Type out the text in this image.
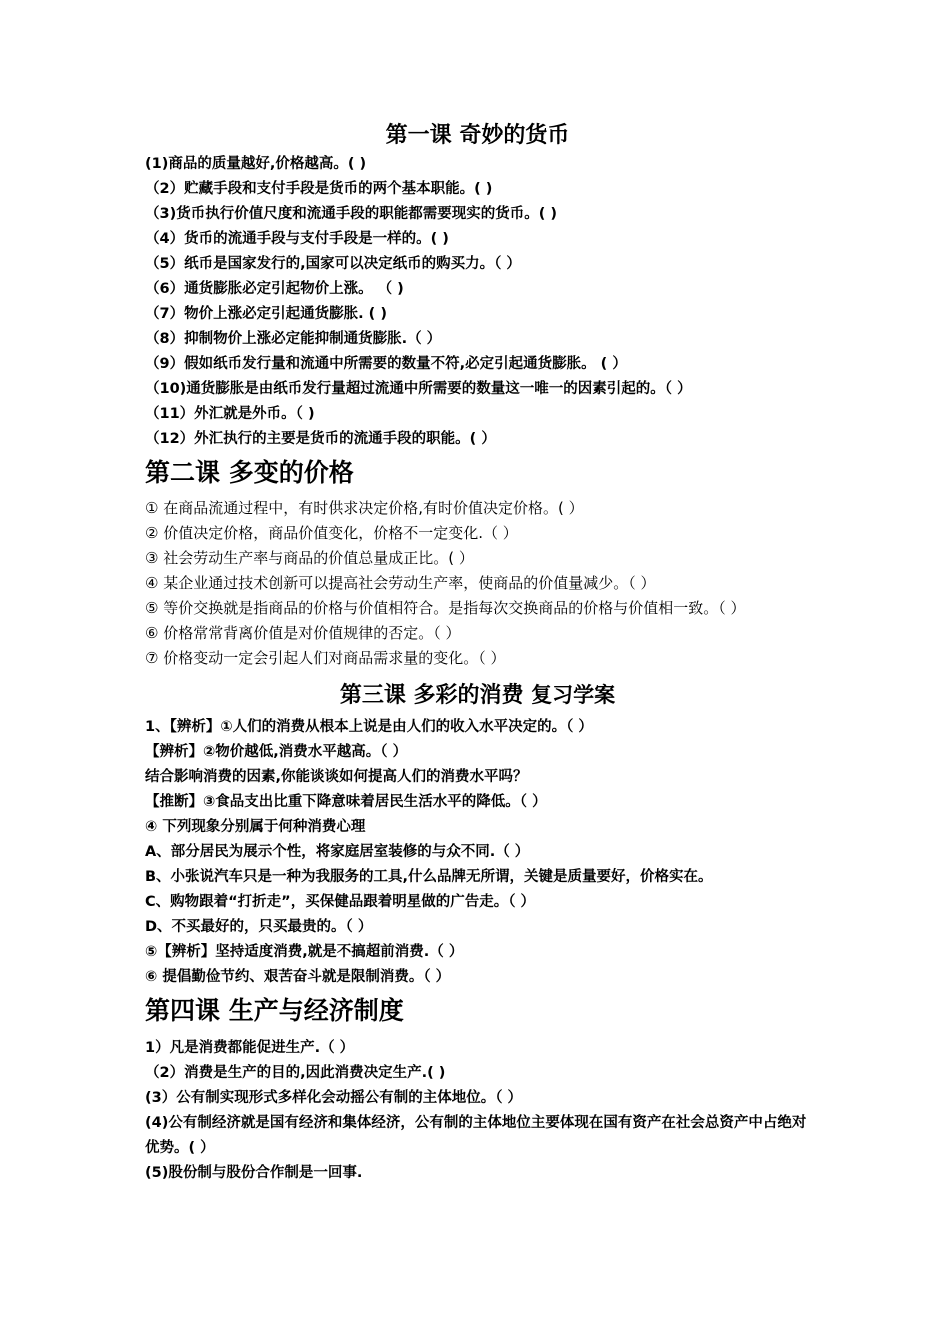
第一课 奇妙的货币

(1)商品的质量越好,价格越高。( )

（2）贮藏手段和支付手段是货币的两个基本职能。( )

（3)货币执行价值尺度和流通手段的职能都需要现实的货币。( )

（4）货币的流通手段与支付手段是一样的。( )

（5）纸币是国家发行的,国家可以决定纸币的购买力。（ ）

（6）通货膨胀必定引起物价上涨。 （ )

（7）物价上涨必定引起通货膨胀. ( )

（8）抑制物价上涨必定能抑制通货膨胀.（ ）

（9）假如纸币发行量和流通中所需要的数量不符,必定引起通货膨胀。 ( ）

（10)通货膨胀是由纸币发行量超过流通中所需要的数量这一唯一的因素引起的。（ ）

（11）外汇就是外币。（ )

（12）外汇执行的主要是货币的流通手段的职能。( ）

第二课 多变的价格

① 在商品流通过程中，有时供求决定价格,有时价值决定价格。( ）

② 价值决定价格，商品价值变化，价格不一定变化.（ ）

③ 社会劳动生产率与商品的价值总量成正比。( ）

④ 某企业通过技术创新可以提高社会劳动生产率，使商品的价值量减少。（ ）

⑤ 等价交换就是指商品的价格与价值相符合。是指每次交换商品的价格与价值相一致。（ ）

⑥ 价格常常背离价值是对价值规律的否定。（ ）

⑦ 价格变动一定会引起人们对商品需求量的变化。（ ）

第三课 多彩的消费 复习学案

1、【辨析】①人们的消费从根本上说是由人们的收入水平决定的。（ ）

【辨析】②物价越低,消费水平越高。（ ）

结合影响消费的因素,你能谈谈如何提高人们的消费水平吗？

【推断】③食品支出比重下降意味着居民生活水平的降低。（ ）

④ 下列现象分别属于何种消费心理

A、部分居民为展示个性，将家庭居室装修的与众不同.（ ）

B、小张说汽车只是一种为我服务的工具,什么品牌无所谓，关键是质量要好，价格实在。

C、购物跟着“打折走”，买保健品跟着明星做的广告走。（ ）

D、不买最好的，只买最贵的。（ ）

⑤【辨析】坚持适度消费,就是不搞超前消费.（ ）

⑥ 提倡勤俭节约、艰苦奋斗就是限制消费。（ ）

第四课 生产与经济制度

1）凡是消费都能促进生产.（ ）

（2）消费是生产的目的,因此消费决定生产.( )

(3）公有制实现形式多样化会动摇公有制的主体地位。（ ）

(4)公有制经济就是国有经济和集体经济，公有制的主体地位主要体现在国有资产在社会总资产中占绝对优势。( ）

(5)股份制与股份合作制是一回事.
